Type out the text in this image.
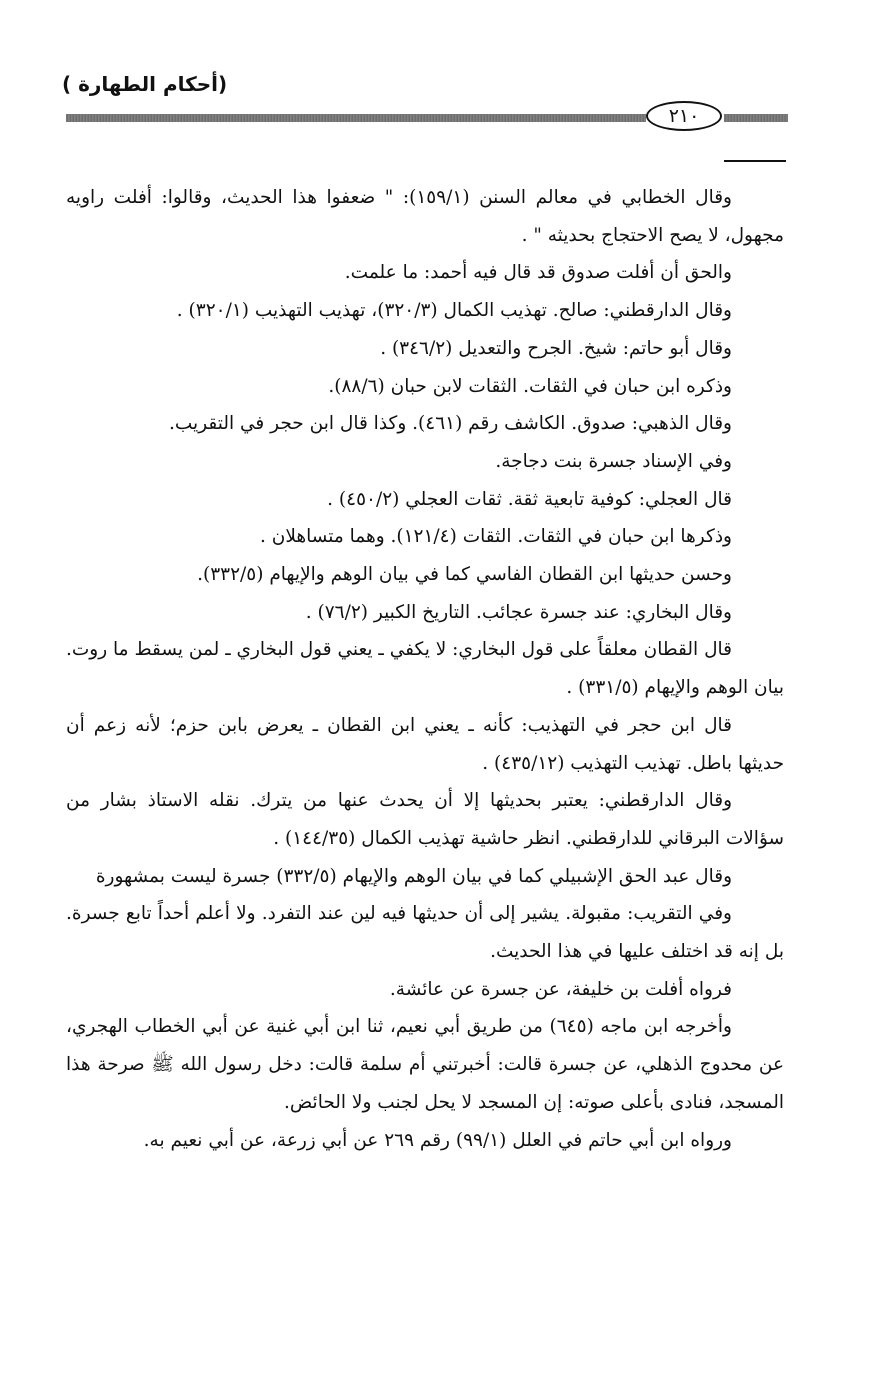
(أحكام الطهارة )
٢١٠

وقال الخطابي في معالم السنن (١٥٩/١): " ضعفوا هذا الحديث، وقالوا: أفلت راويه مجهول، لا يصح الاحتجاج بحديثه " .

والحق أن أفلت صدوق قد قال فيه أحمد: ما علمت.

وقال الدارقطني: صالح. تهذيب الكمال (٣٢٠/٣)، تهذيب التهذيب (٣٢٠/١) .

وقال أبو حاتم: شيخ. الجرح والتعديل (٣٤٦/٢) .

وذكره ابن حبان في الثقات. الثقات لابن حبان (٨٨/٦).

وقال الذهبي: صدوق. الكاشف رقم (٤٦١). وكذا قال ابن حجر في التقريب.

وفي الإسناد جسرة بنت دجاجة.

قال العجلي: كوفية تابعية ثقة. ثقات العجلي (٤٥٠/٢) .

وذكرها ابن حبان في الثقات. الثقات (١٢١/٤). وهما متساهلان .

وحسن حديثها ابن القطان الفاسي كما في بيان الوهم والإيهام (٣٣٢/٥).

وقال البخاري: عند جسرة عجائب. التاريخ الكبير (٧٦/٢) .

قال القطان معلقاً على قول البخاري: لا يكفي ـ يعني قول البخاري ـ لمن يسقط ما روت. بيان الوهم والإيهام (٣٣١/٥) .

قال ابن حجر في التهذيب: كأنه ـ يعني ابن القطان ـ يعرض بابن حزم؛ لأنه زعم أن حديثها باطل. تهذيب التهذيب (٤٣٥/١٢) .

وقال الدارقطني: يعتبر بحديثها إلا أن يحدث عنها من يترك. نقله الاستاذ بشار من سؤالات البرقاني للدارقطني. انظر حاشية تهذيب الكمال (١٤٤/٣٥) .

وقال عبد الحق الإشبيلي كما في بيان الوهم والإيهام (٣٣٢/٥) جسرة ليست بمشهورة

وفي التقريب: مقبولة. يشير إلى أن حديثها فيه لين عند التفرد. ولا أعلم أحداً تابع جسرة. بل إنه قد اختلف عليها في هذا الحديث.

فرواه أفلت بن خليفة، عن جسرة عن عائشة.

وأخرجه ابن ماجه (٦٤٥) من طريق أبي نعيم، ثنا ابن أبي غنية عن أبي الخطاب الهجري، عن محدوج الذهلي، عن جسرة قالت: أخبرتني أم سلمة قالت: دخل رسول الله ﷺ صرحة هذا المسجد، فنادى بأعلى صوته: إن المسجد لا يحل لجنب ولا الحائض.

ورواه ابن أبي حاتم في العلل (٩٩/١) رقم ٢٦٩ عن أبي زرعة، عن أبي نعيم به.
